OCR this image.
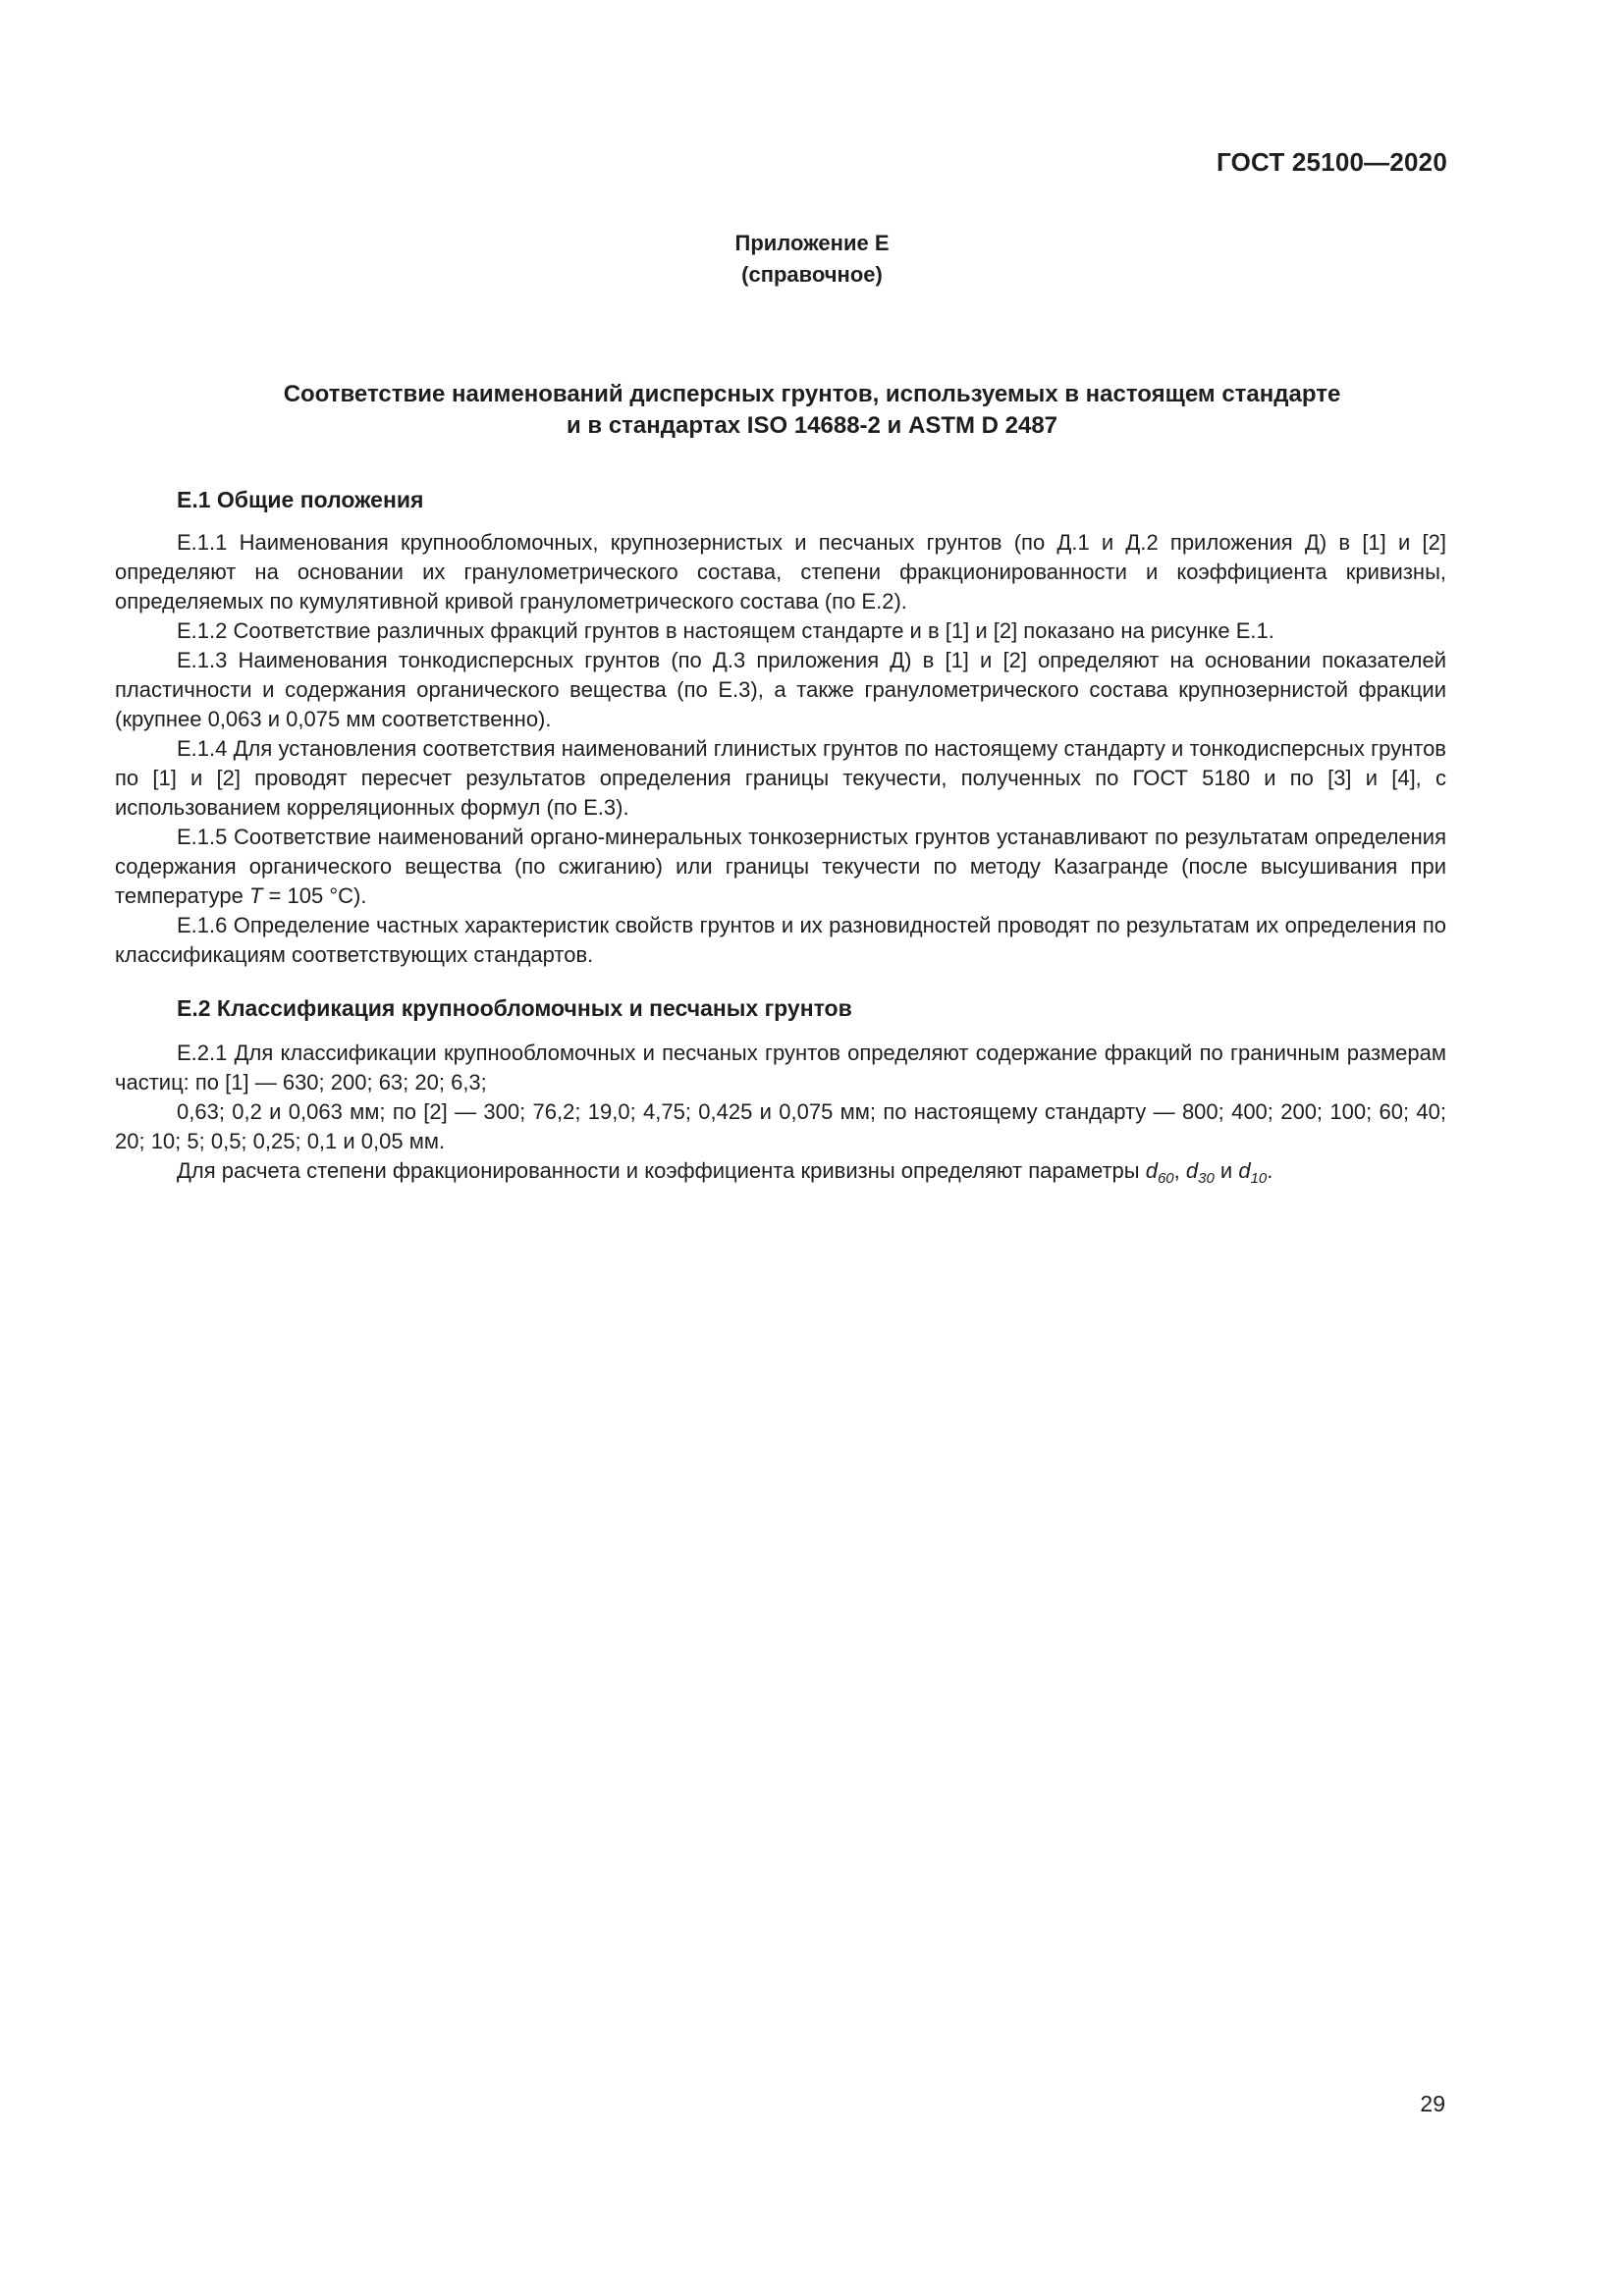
ГОСТ 25100—2020
Приложение Е
(справочное)
Соответствие наименований дисперсных грунтов, используемых в настоящем стандарте
и в стандартах ISO 14688-2 и ASTM D 2487

Е.1 Общие положения

Е.1.1 Наименования крупнообломочных, крупнозернистых и песчаных грунтов (по Д.1 и Д.2 приложения Д) в [1] и [2] определяют на основании их гранулометрического состава, степени фракционированности и коэффициента кривизны, определяемых по кумулятивной кривой гранулометрического состава (по Е.2).

Е.1.2 Соответствие различных фракций грунтов в настоящем стандарте и в [1] и [2] показано на рисунке Е.1.

Е.1.3 Наименования тонкодисперсных грунтов (по Д.3 приложения Д) в [1] и [2] определяют на основании показателей пластичности и содержания органического вещества (по Е.3), а также гранулометрического состава крупнозернистой фракции (крупнее 0,063 и 0,075 мм соответственно).

Е.1.4 Для установления соответствия наименований глинистых грунтов по настоящему стандарту и тонкодисперсных грунтов по [1] и [2] проводят пересчет результатов определения границы текучести, полученных по ГОСТ 5180 и по [3] и [4], с использованием корреляционных формул (по Е.3).

Е.1.5 Соответствие наименований органо-минеральных тонкозернистых грунтов устанавливают по результатам определения содержания органического вещества (по сжиганию) или границы текучести по методу Казагранде (после высушивания при температуре T = 105 °С).

Е.1.6 Определение частных характеристик свойств грунтов и их разновидностей проводят по результатам их определения по классификациям соответствующих стандартов.

Е.2 Классификация крупнообломочных и песчаных грунтов

Е.2.1 Для классификации крупнообломочных и песчаных грунтов определяют содержание фракций по граничным размерам частиц: по [1] — 630; 200; 63; 20; 6,3;

0,63; 0,2 и 0,063 мм; по [2] — 300; 76,2; 19,0; 4,75; 0,425 и 0,075 мм; по настоящему стандарту — 800; 400; 200; 100; 60; 40; 20; 10; 5; 0,5; 0,25; 0,1 и 0,05 мм.

Для расчета степени фракционированности и коэффициента кривизны определяют параметры $d_{60}$, $d_{30}$ и $d_{10}$.

29
